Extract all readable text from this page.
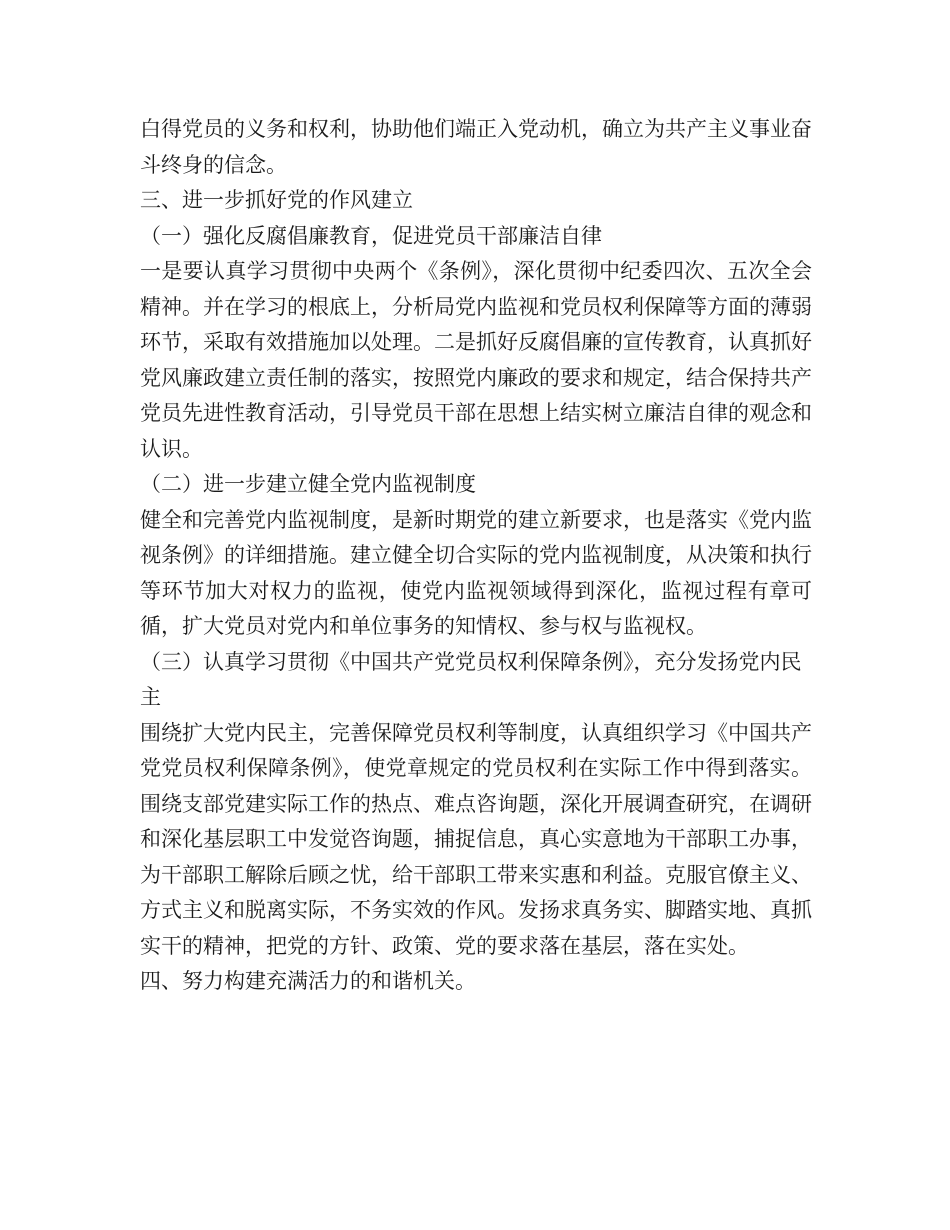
白得党员的义务和权利，协助他们端正入党动机，确立为共产主义事业奋斗终身的信念。

三、进一步抓好党的作风建立

（一）强化反腐倡廉教育，促进党员干部廉洁自律

一是要认真学习贯彻中央两个《条例》，深化贯彻中纪委四次、五次全会精神。并在学习的根底上，分析局党内监视和党员权利保障等方面的薄弱环节，采取有效措施加以处理。二是抓好反腐倡廉的宣传教育，认真抓好党风廉政建立责任制的落实，按照党内廉政的要求和规定，结合保持共产党员先进性教育活动，引导党员干部在思想上结实树立廉洁自律的观念和认识。

（二）进一步建立健全党内监视制度

健全和完善党内监视制度，是新时期党的建立新要求，也是落实《党内监视条例》的详细措施。建立健全切合实际的党内监视制度，从决策和执行等环节加大对权力的监视，使党内监视领域得到深化，监视过程有章可循，扩大党员对党内和单位事务的知情权、参与权与监视权。

（三）认真学习贯彻《中国共产党党员权利保障条例》，充分发扬党内民主

围绕扩大党内民主，完善保障党员权利等制度，认真组织学习《中国共产党党员权利保障条例》，使党章规定的党员权利在实际工作中得到落实。围绕支部党建实际工作的热点、难点咨询题，深化开展调查研究，在调研和深化基层职工中发觉咨询题，捕捉信息，真心实意地为干部职工办事，为干部职工解除后顾之忧，给干部职工带来实惠和利益。克服官僚主义、方式主义和脱离实际，不务实效的作风。发扬求真务实、脚踏实地、真抓实干的精神，把党的方针、政策、党的要求落在基层，落在实处。

四、努力构建充满活力的和谐机关。
